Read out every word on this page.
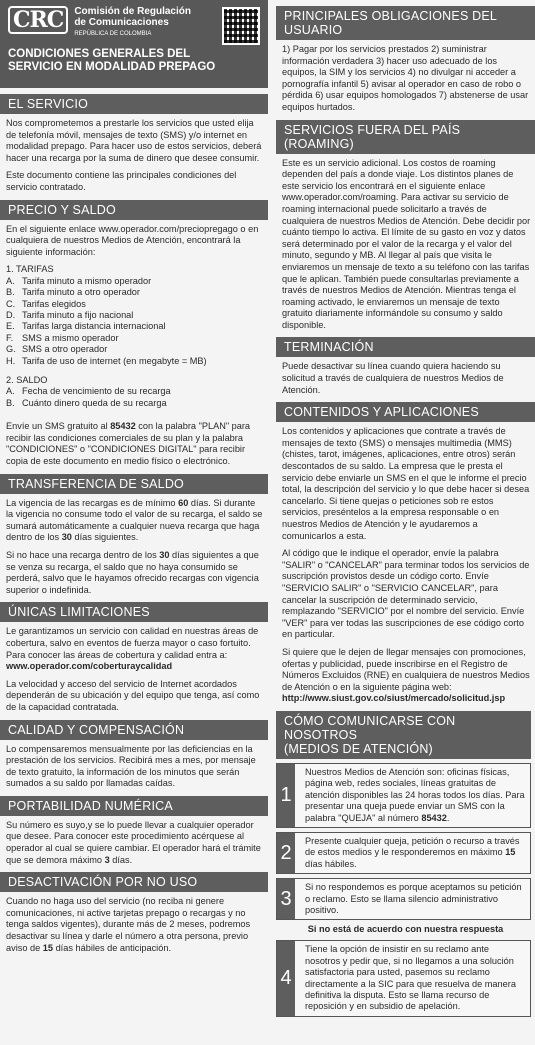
CRC	Comisión de Regulación
de Comunicaciones
REPÚBLICA DE COLOMBIA
CONDICIONES GENERALES DEL
SERVICIO EN MODALIDAD PREPAGO
EL SERVICIO

Nos comprometemos a prestarle los servicios que usted elija de telefonía móvil, mensajes de texto (SMS) y/o internet en modalidad prepago. Para hacer uso de estos servicios, deberá hacer una recarga por la suma de dinero que desee consumir.

Este documento contiene las principales condiciones del servicio contratado.

PRECIO Y SALDO

En el siguiente enlace www.operador.com/preciopregago o en cualquiera de nuestros Medios de Atención, encontrará la siguiente información:

1. TARIFAS
A. Tarifa minuto a mismo operador
B. Tarifa minuto a otro operador
C. Tarifas elegidos
D. Tarifa minuto a fijo nacional
E. Tarifas larga distancia internacional
F. SMS a mismo operador
G. SMS a otro operador
H. Tarifa de uso de internet (en megabyte = MB)
2. SALDO
A. Fecha de vencimiento de su recarga
B. Cuánto dinero queda de su recarga

Envíe un SMS gratuito al 85432 con la palabra "PLAN" para recibir las condiciones comerciales de su plan y la palabra "CONDICIONES" o "CONDICIONES DIGITAL" para recibir copia de este documento en medio físico o electrónico.

TRANSFERENCIA DE SALDO

La vigencia de las recargas es de mínimo 60 días. Si durante la vigencia no consume todo el valor de su recarga, el saldo se sumará automáticamente a cualquier nueva recarga que haga dentro de los 30 días siguientes.

Si no hace una recarga dentro de los 30 días siguientes a que se venza su recarga, el saldo que no haya consumido se perderá, salvo que le hayamos ofrecido recargas con vigencia superior o indefinida.

ÚNICAS LIMITACIONES

Le garantizamos un servicio con calidad en nuestras áreas de cobertura, salvo en eventos de fuerza mayor o caso fortuito. Para conocer las áreas de cobertura y calidad entra a: www.operador.com/coberturaycalidad

La velocidad y acceso del servicio de Internet acordados dependerán de su ubicación y del equipo que tenga, así como de la capacidad contratada.

CALIDAD Y COMPENSACIÓN

Lo compensaremos mensualmente por las deficiencias en la prestación de los servicios. Recibirá mes a mes, por mensaje de texto gratuito, la información de los minutos que serán sumados a su saldo por llamadas caídas.

PORTABILIDAD NUMÉRICA

Su número es suyo,y se lo puede llevar a cualquier operador que desee. Para conocer este procedimiento acérquese al operador al cual se quiere cambiar. El operador hará el trámite que se demora máximo 3 días.

DESACTIVACIÓN POR NO USO

Cuando no haga uso del servicio (no reciba ni genere comunicaciones, ni active tarjetas prepago o recargas y no tenga saldos vigentes), durante más de 2 meses, podremos desactivar su línea y darle el número a otra persona, previo aviso de 15 días hábiles de anticipación.

PRINCIPALES OBLIGACIONES DEL USUARIO

1) Pagar por los servicios prestados 2) suministrar información verdadera 3) hacer uso adecuado de los equipos, la SIM y los servicios 4) no divulgar ni acceder a pornografía infantil 5) avisar al operador en caso de robo o pérdida 6) usar equipos homologados 7) abstenerse de usar equipos hurtados.

SERVICIOS FUERA DEL PAÍS (ROAMING)

Este es un servicio adicional. Los costos de roaming dependen del país a donde viaje. Los distintos planes de este servicio los encontrará en el siguiente enlace www.operador.com/roaming. Para activar su servicio de roaming internacional puede solicitarlo a través de cualquiera de nuestros Medios de Atención. Debe decidir por cuánto tiempo lo activa. El límite de su gasto en voz y datos será determinado por el valor de la recarga y el valor del minuto, segundo y MB. Al llegar al país que visita le enviaremos un mensaje de texto a su teléfono con las tarifas que le aplican. También puede consultarlas previamente a través de nuestros Medios de Atención. Mientras tenga el roaming activado, le enviaremos un mensaje de texto gratuito diariamente informándole su consumo y saldo disponible.

TERMINACIÓN

Puede desactivar su línea cuando quiera haciendo su solicitud a través de cualquiera de nuestros Medios de Atención.

CONTENIDOS Y APLICACIONES

Los contenidos y aplicaciones que contrate a través de mensajes de texto (SMS) o mensajes multimedia (MMS) (chistes, tarot, imágenes, aplicaciones, entre otros) serán descontados de su saldo. La empresa que le presta el servicio debe enviarle un SMS en el que le informe el precio total, la descripción del servicio y lo que debe hacer si desea cancelarlo. Si tiene quejas o peticiones sob re estos servicios, preséntelos a la empresa responsable o en nuestros Medios de Atención y le ayudaremos a comunicarlos a esta.

Al código que le indique el operador, envíe la palabra "SALIR" o "CANCELAR" para terminar todos los servicios de suscripción provistos desde un código corto. Envíe "SERVICIO SALIR" o "SERVICIO CANCELAR", para cancelar la suscripción de determinado servicio, remplazando "SERVICIO" por el nombre del servicio. Envíe "VER" para ver todas las suscripciones de ese código corto en particular.

Si quiere que le dejen de llegar mensajes con promociones, ofertas y publicidad, puede inscribirse en el Registro de Números Excluidos (RNE) en cualquiera de nuestros Medios de Atención o en la siguiente página web: http://www.siust.gov.co/siust/mercado/solicitud.jsp

CÓMO COMUNICARSE CON NOSOTROS
(MEDIOS DE ATENCIÓN)
1
Nuestros Medios de Atención son: oficinas físicas, página web, redes sociales, líneas gratuitas de atención disponibles las 24 horas todos los días. Para presentar una queja puede enviar un SMS con la palabra "QUEJA" al número 85432.
2
Presente cualquier queja, petición o recurso a través de estos medios y le responderemos en máximo 15 días hábiles.
3
Si no respondemos es porque aceptamos su petición o reclamo. Esto se llama silencio administrativo positivo.
Si no está de acuerdo con nuestra respuesta
4
Tiene la opción de insistir en su reclamo ante nosotros y pedir que, si no llegamos a una solución satisfactoria para usted, pasemos su reclamo directamente a la SIC para que resuelva de manera definitiva la disputa. Esto se llama recurso de reposición y en subsidio de apelación.
